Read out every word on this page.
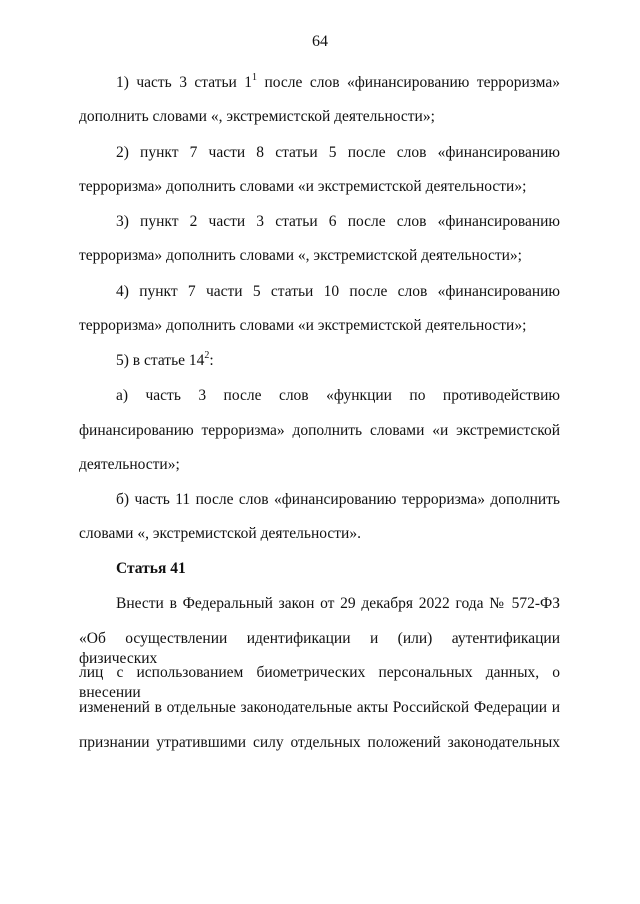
64
1) часть 3 статьи $1^1$ после слов «финансированию терроризма»
дополнить словами «, экстремистской деятельности»;
2) пункт 7 части 8 статьи 5 после слов «финансированию
терроризма» дополнить словами «и экстремистской деятельности»;
3) пункт 2 части 3 статьи 6 после слов «финансированию
терроризма» дополнить словами «, экстремистской деятельности»;
4) пункт 7 части 5 статьи 10 после слов «финансированию
терроризма» дополнить словами «и экстремистской деятельности»;
5) в статье $14^2$:
а) часть 3 после слов «функции по противодействию
финансированию терроризма» дополнить словами «и экстремистской
деятельности»;
б) часть 11 после слов «финансированию терроризма» дополнить
словами «, экстремистской деятельности».
Статья 41
Внести в Федеральный закон от 29 декабря 2022 года № 572-ФЗ
«Об осуществлении идентификации и (или) аутентификации физических
лиц с использованием биометрических персональных данных, о внесении
изменений в отдельные законодательные акты Российской Федерации и
признании утратившими силу отдельных положений законодательных
